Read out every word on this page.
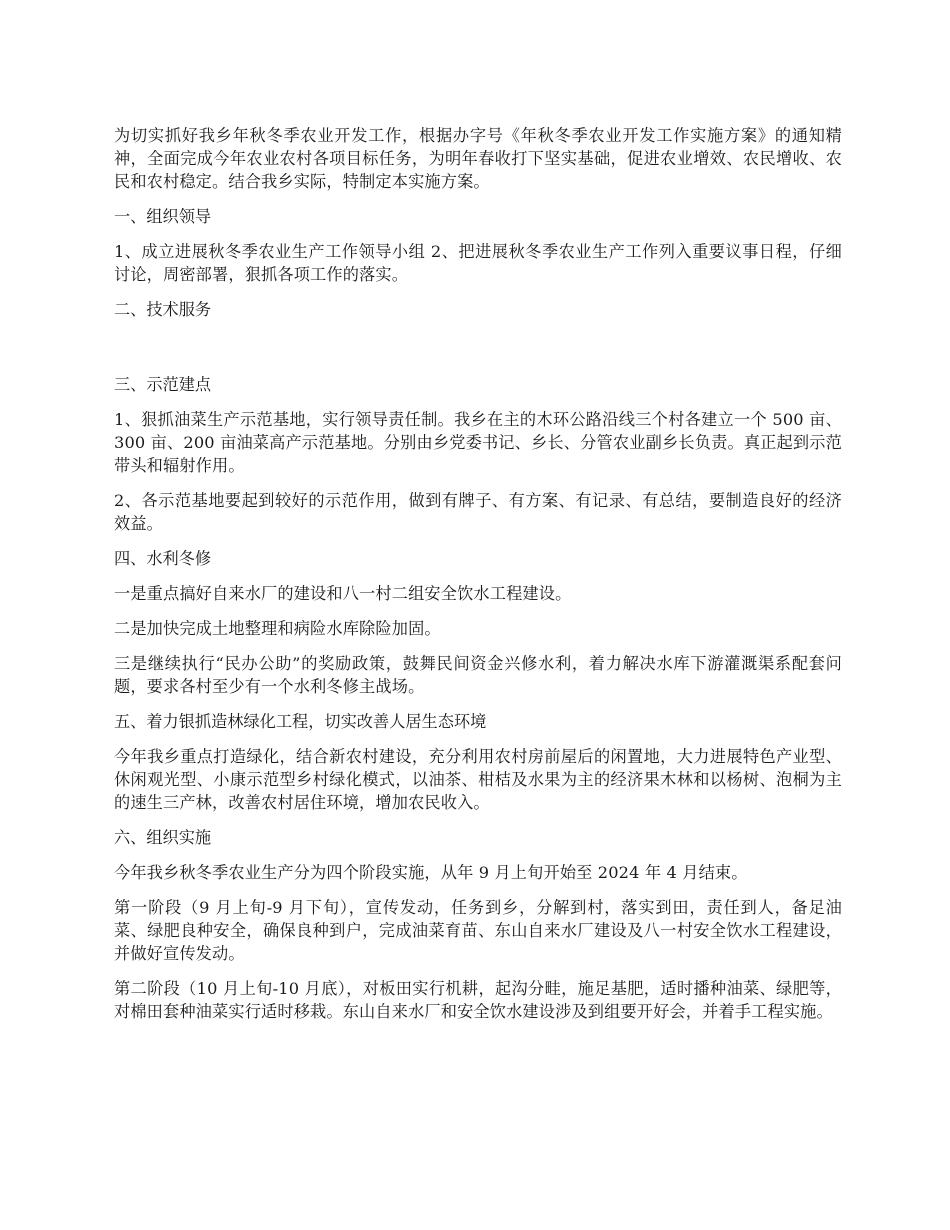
为切实抓好我乡年秋冬季农业开发工作，根据办字号《年秋冬季农业开发工作实施方案》的通知精神，全面完成今年农业农村各项目标任务，为明年春收打下坚实基础，促进农业增效、农民增收、农民和农村稳定。结合我乡实际，特制定本实施方案。

一、组织领导

1、成立进展秋冬季农业生产工作领导小组 2、把进展秋冬季农业生产工作列入重要议事日程，仔细讨论，周密部署，狠抓各项工作的落实。

二、技术服务

三、示范建点

1、狠抓油菜生产示范基地，实行领导责任制。我乡在主的木环公路沿线三个村各建立一个 500 亩、300 亩、200 亩油菜高产示范基地。分别由乡党委书记、乡长、分管农业副乡长负责。真正起到示范带头和辐射作用。

2、各示范基地要起到较好的示范作用，做到有牌子、有方案、有记录、有总结，要制造良好的经济效益。

四、水利冬修

一是重点搞好自来水厂的建设和八一村二组安全饮水工程建设。

二是加快完成土地整理和病险水库除险加固。

三是继续执行“民办公助”的奖励政策，鼓舞民间资金兴修水利，着力解决水库下游灌溉渠系配套问题，要求各村至少有一个水利冬修主战场。

五、着力银抓造林绿化工程，切实改善人居生态环境

今年我乡重点打造绿化，结合新农村建设，充分利用农村房前屋后的闲置地，大力进展特色产业型、休闲观光型、小康示范型乡村绿化模式，以油茶、柑桔及水果为主的经济果木林和以杨树、泡桐为主的速生三产林，改善农村居住环境，增加农民收入。

六、组织实施

今年我乡秋冬季农业生产分为四个阶段实施，从年 9 月上旬开始至 2024 年 4 月结束。

第一阶段（9 月上旬-9 月下旬），宣传发动，任务到乡，分解到村，落实到田，责任到人，备足油菜、绿肥良种安全，确保良种到户，完成油菜育苗、东山自来水厂建设及八一村安全饮水工程建设，并做好宣传发动。

第二阶段（10 月上旬-10 月底），对板田实行机耕，起沟分畦，施足基肥，适时播种油菜、绿肥等，对棉田套种油菜实行适时移栽。东山自来水厂和安全饮水建设涉及到组要开好会，并着手工程实施。
